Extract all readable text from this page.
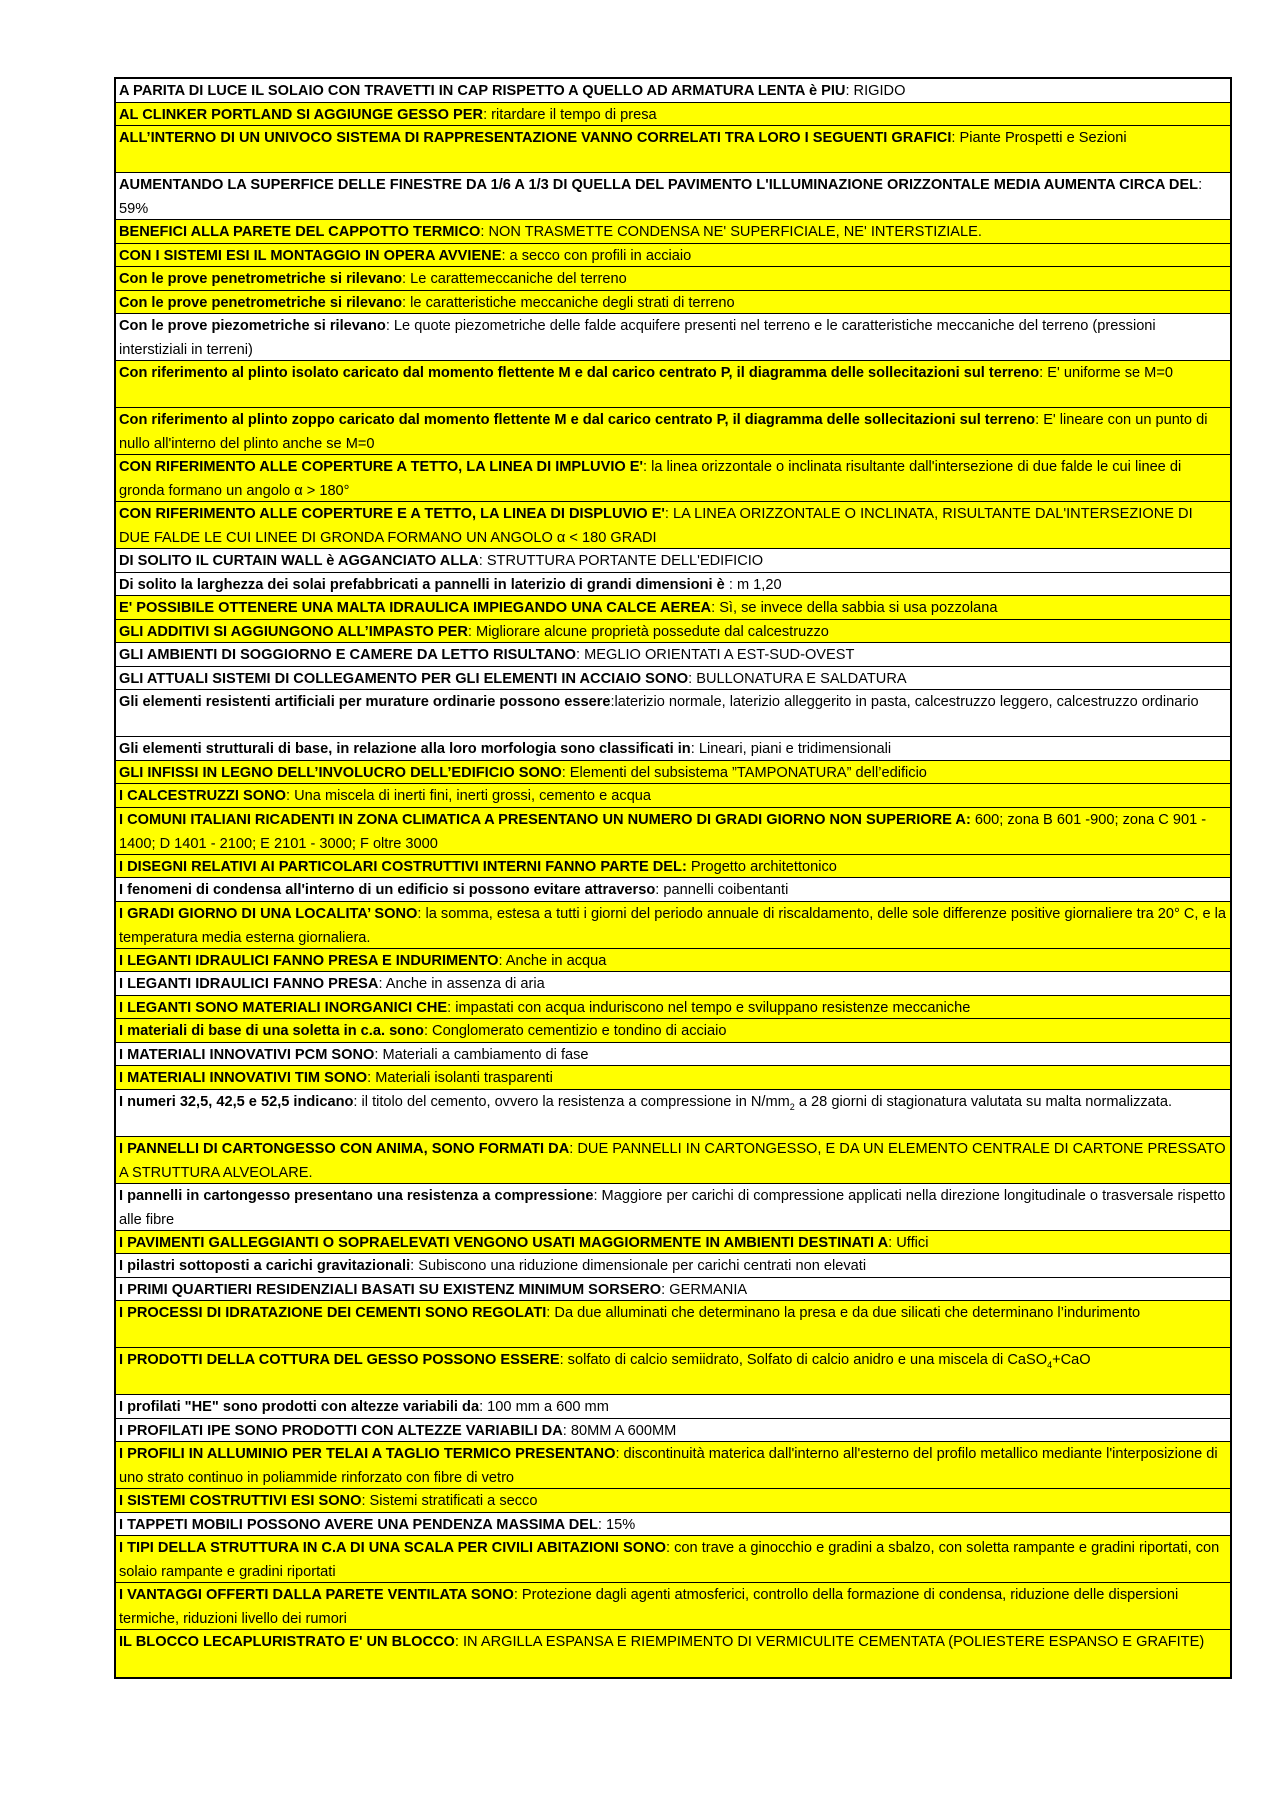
A PARITA DI LUCE IL SOLAIO CON TRAVETTI IN CAP RISPETTO A QUELLO AD ARMATURA LENTA è PIU: RIGIDO
AL CLINKER PORTLAND SI AGGIUNGE GESSO PER: ritardare il tempo di presa
ALL’INTERNO DI UN UNIVOCO SISTEMA DI RAPPRESENTAZIONE VANNO CORRELATI TRA LORO I SEGUENTI GRAFICI: Piante Prospetti e Sezioni
AUMENTANDO LA SUPERFICE DELLE FINESTRE DA 1/6 A 1/3 DI QUELLA DEL PAVIMENTO L'ILLUMINAZIONE ORIZZONTALE MEDIA AUMENTA CIRCA DEL: 59%
BENEFICI ALLA PARETE DEL CAPPOTTO TERMICO: NON TRASMETTE CONDENSA NE' SUPERFICIALE, NE' INTERSTIZIALE.
CON I SISTEMI ESI IL MONTAGGIO IN OPERA AVVIENE: a secco con profili in acciaio
Con le prove penetrometriche si rilevano: Le carattemeccaniche del terreno
Con le prove penetrometriche si rilevano: le caratteristiche meccaniche degli strati di terreno
Con le prove piezometriche si rilevano: Le quote piezometriche delle falde acquifere presenti nel terreno e le caratteristiche meccaniche del terreno (pressioni interstiziali in terreni)
Con riferimento al plinto isolato caricato dal momento flettente M e dal carico centrato P, il diagramma delle sollecitazioni sul terreno: E' uniforme se M=0
Con riferimento al plinto zoppo caricato dal momento flettente M e dal carico centrato P, il diagramma delle sollecitazioni sul terreno: E' lineare con un punto di nullo all'interno del plinto anche se M=0
CON RIFERIMENTO ALLE COPERTURE A TETTO, LA LINEA DI IMPLUVIO E': la linea orizzontale o inclinata risultante dall'intersezione di due falde le cui linee di gronda formano un angolo α > 180°
CON RIFERIMENTO ALLE COPERTURE E A TETTO, LA LINEA DI DISPLUVIO E': LA LINEA ORIZZONTALE O INCLINATA, RISULTANTE DAL'INTERSEZIONE DI DUE FALDE LE CUI LINEE DI GRONDA FORMANO UN ANGOLO α < 180 GRADI
DI SOLITO IL CURTAIN WALL è AGGANCIATO ALLA: STRUTTURA PORTANTE DELL'EDIFICIO
Di solito la larghezza dei solai prefabbricati a pannelli in laterizio di grandi dimensioni è : m 1,20
E' POSSIBILE OTTENERE UNA MALTA IDRAULICA IMPIEGANDO UNA CALCE AEREA: Sì, se invece della sabbia si usa pozzolana
GLI ADDITIVI SI AGGIUNGONO ALL’IMPASTO PER: Migliorare alcune proprietà possedute dal calcestruzzo
GLI AMBIENTI DI SOGGIORNO E CAMERE DA LETTO RISULTANO: MEGLIO ORIENTATI A EST-SUD-OVEST
GLI ATTUALI SISTEMI DI COLLEGAMENTO PER GLI ELEMENTI IN ACCIAIO SONO: BULLONATURA E SALDATURA
Gli elementi resistenti artificiali per murature ordinarie possono essere:laterizio normale, laterizio alleggerito in pasta, calcestruzzo leggero, calcestruzzo ordinario
Gli elementi strutturali di base, in relazione alla loro morfologia sono classificati in: Lineari, piani e tridimensionali
GLI INFISSI IN LEGNO DELL’INVOLUCRO DELL’EDIFICIO SONO: Elementi del subsistema ”TAMPONATURA” dell’edificio
I CALCESTRUZZI SONO: Una miscela di inerti fini, inerti grossi, cemento e acqua
I COMUNI ITALIANI RICADENTI IN ZONA CLIMATICA A PRESENTANO UN NUMERO DI GRADI GIORNO NON SUPERIORE A: 600; zona B 601 -900; zona C 901 - 1400; D 1401 - 2100; E 2101 - 3000; F oltre 3000
I DISEGNI RELATIVI AI PARTICOLARI COSTRUTTIVI INTERNI FANNO PARTE DEL: Progetto architettonico
I fenomeni di condensa all'interno di un edificio si possono evitare attraverso: pannelli coibentanti
I GRADI GIORNO DI UNA LOCALITA’ SONO: la somma, estesa a tutti i giorni del periodo annuale di riscaldamento, delle sole differenze positive giornaliere tra 20° C, e la temperatura media esterna giornaliera.
I LEGANTI IDRAULICI FANNO PRESA E INDURIMENTO: Anche in acqua
I LEGANTI IDRAULICI FANNO PRESA: Anche in assenza di aria
I LEGANTI SONO MATERIALI INORGANICI CHE: impastati con acqua induriscono nel tempo e sviluppano resistenze meccaniche
I materiali di base di una soletta in c.a. sono: Conglomerato cementizio e tondino di acciaio
I MATERIALI INNOVATIVI PCM SONO: Materiali a cambiamento di fase
I MATERIALI INNOVATIVI TIM SONO: Materiali isolanti trasparenti
I numeri 32,5, 42,5 e 52,5 indicano: il titolo del cemento, ovvero la resistenza a compressione in $N/mm_2$ a 28 giorni di stagionatura valutata su malta normalizzata.
I PANNELLI DI CARTONGESSO CON ANIMA, SONO FORMATI DA: DUE PANNELLI IN CARTONGESSO, E DA UN ELEMENTO CENTRALE DI CARTONE PRESSATO A STRUTTURA ALVEOLARE.
I pannelli in cartongesso presentano una resistenza a compressione: Maggiore per carichi di compressione applicati nella direzione longitudinale o trasversale rispetto alle fibre
I PAVIMENTI GALLEGGIANTI O SOPRAELEVATI VENGONO USATI MAGGIORMENTE IN AMBIENTI DESTINATI A: Uffici
I pilastri sottoposti a carichi gravitazionali: Subiscono una riduzione dimensionale per carichi centrati non elevati
I PRIMI QUARTIERI RESIDENZIALI BASATI SU EXISTENZ MINIMUM SORSERO: GERMANIA
I PROCESSI DI IDRATAZIONE DEI CEMENTI SONO REGOLATI: Da due alluminati che determinano la presa e da due silicati che determinano l’indurimento
I PRODOTTI DELLA COTTURA DEL GESSO POSSONO ESSERE: solfato di calcio semiidrato, Solfato di calcio anidro e una miscela di CaSO$_4$+CaO
I profilati "HE" sono prodotti con altezze variabili da: 100 mm a 600 mm
I PROFILATI IPE SONO PRODOTTI CON ALTEZZE VARIABILI DA: 80MM A 600MM
I PROFILI IN ALLUMINIO PER TELAI A TAGLIO TERMICO PRESENTANO: discontinuità materica dall'interno all'esterno del profilo metallico mediante l'interposizione di uno strato continuo in poliammide rinforzato con fibre di vetro
I SISTEMI COSTRUTTIVI ESI SONO: Sistemi stratificati a secco
I TAPPETI MOBILI POSSONO AVERE UNA PENDENZA MASSIMA DEL: 15%
I TIPI DELLA STRUTTURA IN C.A DI UNA SCALA PER CIVILI ABITAZIONI SONO: con trave a ginocchio e gradini a sbalzo, con soletta rampante e gradini riportati, con solaio rampante e gradini riportati
I VANTAGGI OFFERTI DALLA PARETE VENTILATA SONO: Protezione dagli agenti atmosferici, controllo della formazione di condensa, riduzione delle dispersioni termiche, riduzioni livello dei rumori
IL BLOCCO LECAPLURISTRATO E' UN BLOCCO: IN ARGILLA ESPANSA E RIEMPIMENTO DI VERMICULITE CEMENTATA (POLIESTERE ESPANSO E GRAFITE)
